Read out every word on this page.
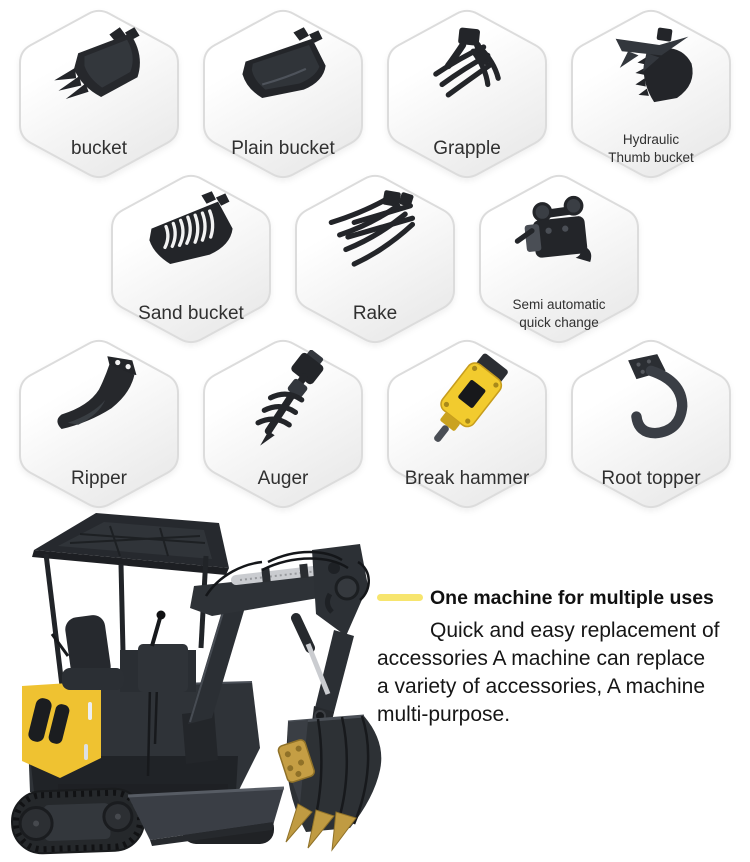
bucket	Plain bucket	Grapple	Hydraulic
Thumb bucket
Sand bucket	Rake	Semi automatic
quick change
Ripper	Auger	Break hammer	Root topper
One machine for multiple uses
Quick and easy replacement of
accessories A machine can replace
a variety of accessories, A machine
multi-purpose.
